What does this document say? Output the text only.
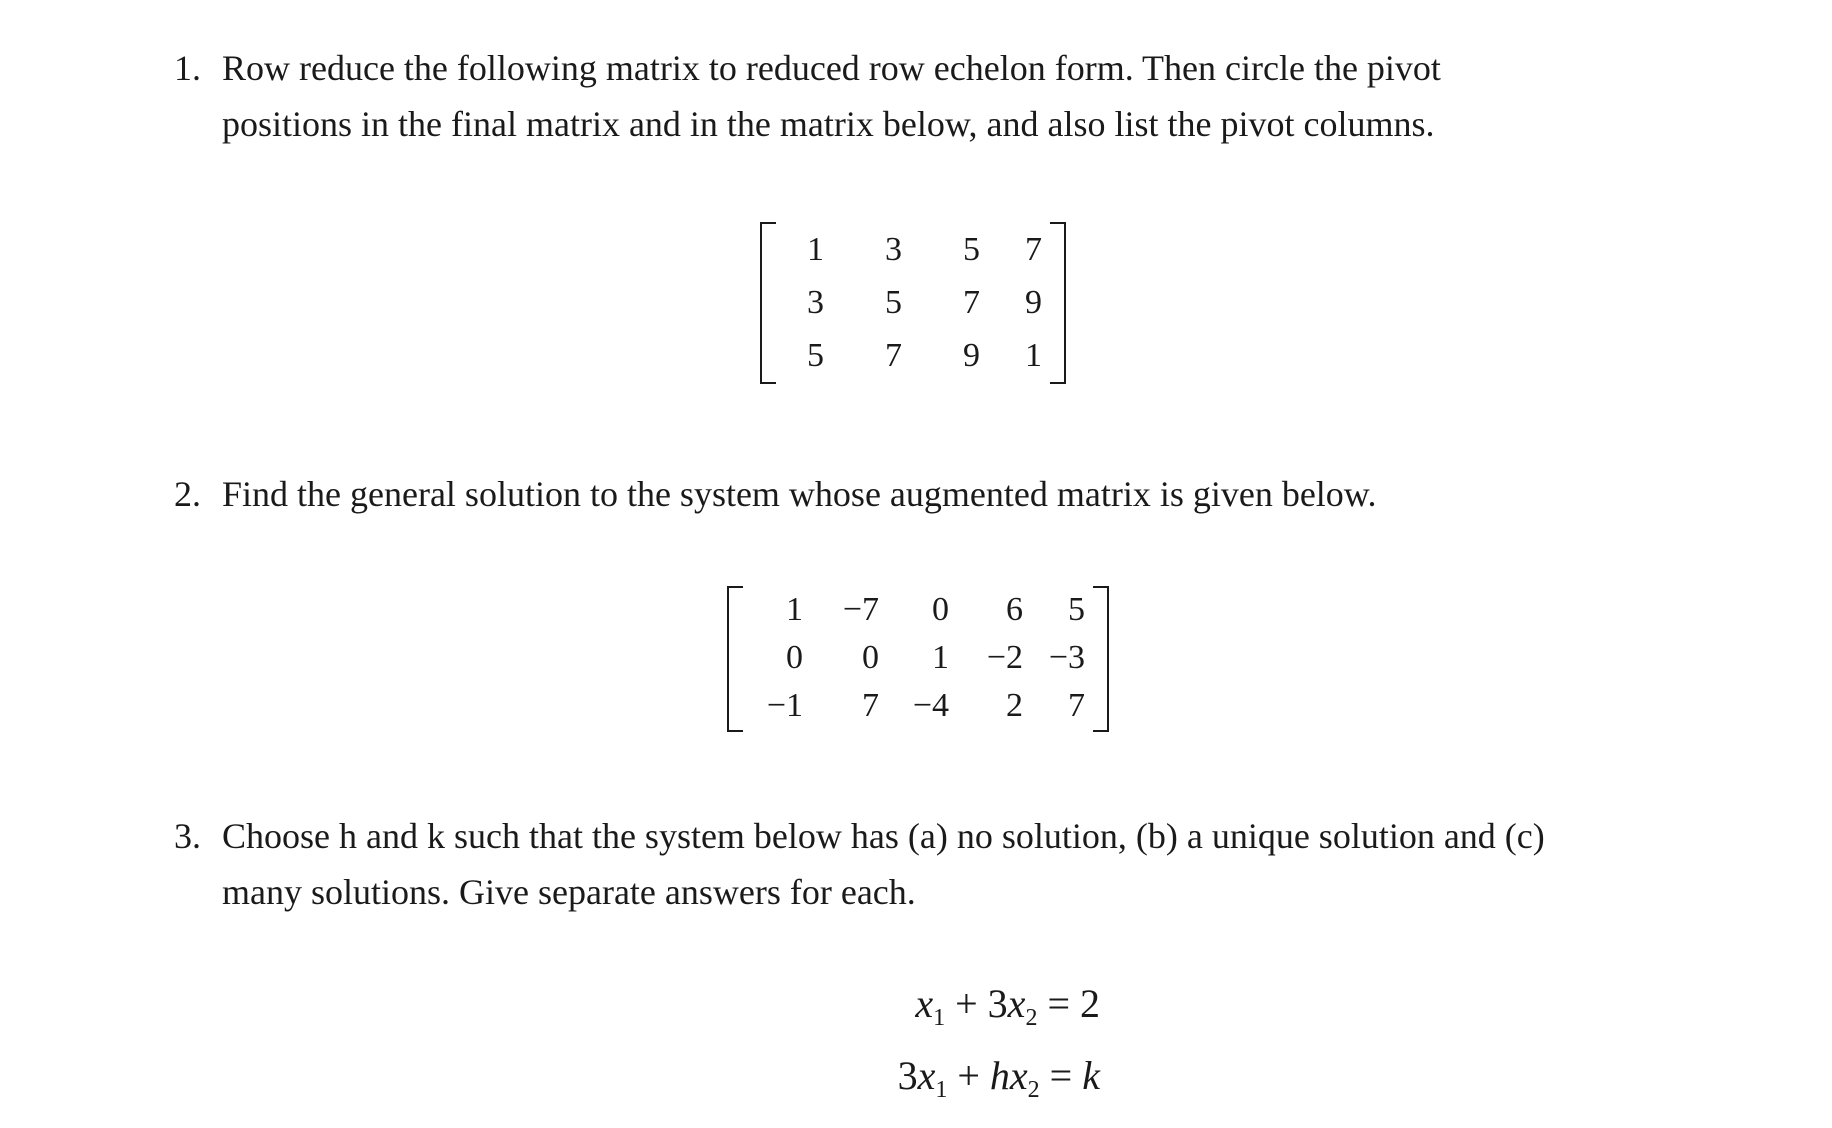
1. Row reduce the following matrix to reduced row echelon form. Then circle the pivot positions in the final matrix and in the matrix below, and also list the pivot columns.
1 3 5 7
3 5 7 9
5 7 9 1
2. Find the general solution to the system whose augmented matrix is given below.
1 −7 0 6 5
0 0 1 −2 −3
−1 7 −4 2 7
3. Choose h and k such that the system below has (a) no solution, (b) a unique solution and (c) many solutions. Give separate answers for each.
$x_1 + 3x_2 = 2$
$3x_1 + hx_2 = k$
